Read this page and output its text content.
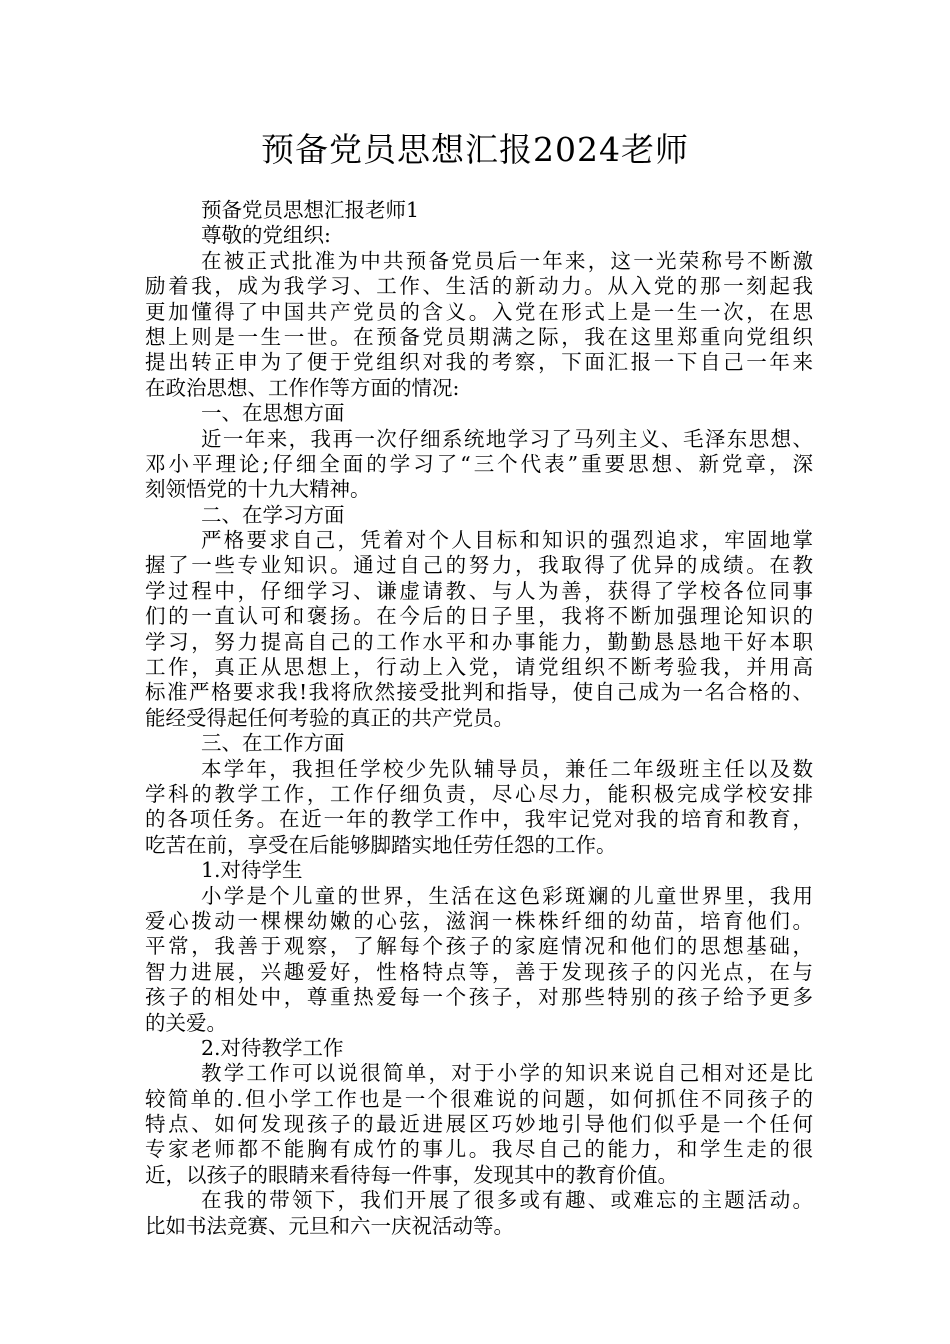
预备党员思想汇报2024老师

预备党员思想汇报老师1

尊敬的党组织:

在被正式批准为中共预备党员后一年来，这一光荣称号不断激

励着我，成为我学习、工作、生活的新动力。从入党的那一刻起我

更加懂得了中国共产党员的含义。入党在形式上是一生一次，在思

想上则是一生一世。在预备党员期满之际，我在这里郑重向党组织

提出转正申为了便于党组织对我的考察，下面汇报一下自己一年来

在政治思想、工作作等方面的情况:

一、在思想方面

近一年来，我再一次仔细系统地学习了马列主义、毛泽东思想、

邓小平理论;仔细全面的学习了“三个代表”重要思想、新党章，深

刻领悟党的十九大精神。

二、在学习方面

严格要求自己，凭着对个人目标和知识的强烈追求，牢固地掌

握了一些专业知识。通过自己的努力，我取得了优异的成绩。在教

学过程中，仔细学习、谦虚请教、与人为善，获得了学校各位同事

们的一直认可和褒扬。在今后的日子里，我将不断加强理论知识的

学习，努力提高自己的工作水平和办事能力，勤勤恳恳地干好本职

工作，真正从思想上，行动上入党，请党组织不断考验我，并用高

标准严格要求我!我将欣然接受批判和指导，使自己成为一名合格的、

能经受得起任何考验的真正的共产党员。

三、在工作方面

本学年，我担任学校少先队辅导员，兼任二年级班主任以及数

学科的教学工作，工作仔细负责，尽心尽力，能积极完成学校安排

的各项任务。在近一年的教学工作中，我牢记党对我的培育和教育，

吃苦在前，享受在后能够脚踏实地任劳任怨的工作。

1.对待学生

小学是个儿童的世界，生活在这色彩斑斓的儿童世界里，我用

爱心拨动一棵棵幼嫩的心弦，滋润一株株纤细的幼苗，培育他们。

平常，我善于观察，了解每个孩子的家庭情况和他们的思想基础，

智力进展，兴趣爱好，性格特点等，善于发现孩子的闪光点，在与

孩子的相处中，尊重热爱每一个孩子，对那些特别的孩子给予更多

的关爱。

2.对待教学工作

教学工作可以说很简单，对于小学的知识来说自己相对还是比

较简单的.但小学工作也是一个很难说的问题，如何抓住不同孩子的

特点、如何发现孩子的最近进展区巧妙地引导他们似乎是一个任何

专家老师都不能胸有成竹的事儿。我尽自己的能力，和学生走的很

近，以孩子的眼睛来看待每一件事，发现其中的教育价值。

在我的带领下，我们开展了很多或有趣、或难忘的主题活动。

比如书法竞赛、元旦和六一庆祝活动等。
